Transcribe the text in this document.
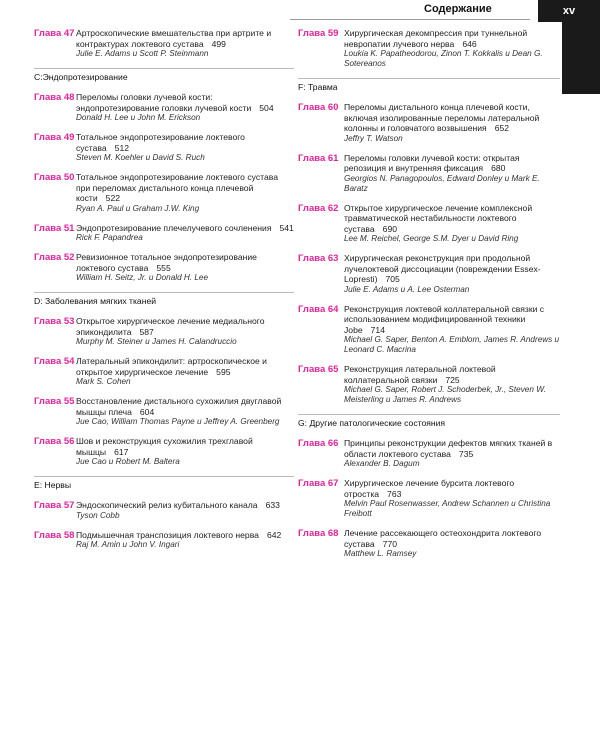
Содержание	xv
Глава 47 Артроскопические вмешательства при артрите и контрактурах локтевого сустава 499
Julie E. Adams и Scott P. Steinmann
C:Эндопротезирование
Глава 48 Переломы головки лучевой кости: эндопротезирование головки лучевой кости 504
Donald H. Lee и John M. Erickson
Глава 49 Тотальное эндопротезирование локтевого сустава 512
Steven M. Koehler и David S. Ruch
Глава 50 Тотальное эндопротезирование локтевого сустава при переломах дистального конца плечевой кости 522
Ryan A. Paul и Graham J.W. King
Глава 51 Эндопротезирование плечелучевого сочленения 541
Rick F. Papandrea
Глава 52 Ревизионное тотальное эндопротезирование локтевого сустава 555
William H. Seitz, Jr. и Donald H. Lee
D: Заболевания мягких тканей
Глава 53 Открытое хирургическое лечение медиального эпикондилита 587
Murphy M. Steiner и James H. Calandruccio
Глава 54 Латеральный эпикондилит: артроскопическое и открытое хирургическое лечение 595
Mark S. Cohen
Глава 55 Восстановление дистального сухожилия двуглавой мышцы плеча 604
Jue Cao, William Thomas Payne и Jeffrey A. Greenberg
Глава 56 Шов и реконструкция сухожилия трехглавой мышцы 617
Jue Cao и Robert M. Baltera
E: Нервы
Глава 57 Эндоскопический релиз кубитального канала 633
Tyson Cobb
Глава 58 Подмышечная транспозиция локтевого нерва 642
Raj M. Amin и John V. Ingari
Глава 59 Хирургическая декомпрессия при туннельной невропатии лучевого нерва 646
Loukia K. Papatheodorou, Zinon T. Kokkalis и Dean G. Sotereanos
F: Травма
Глава 60 Переломы дистального конца плечевой кости, включая изолированные переломы латеральной колонны и головчатого возвышения 652
Jeffry T. Watson
Глава 61 Переломы головки лучевой кости: открытая репозиция и внутренняя фиксация 680
Georgios N. Panagopoulos, Edward Donley и Mark E. Baratz
Глава 62 Открытое хирургическое лечение комплексной травматической нестабильности локтевого сустава 690
Lee M. Reichel, George S.M. Dyer и David Ring
Глава 63 Хирургическая реконструкция при продольной лучелоктевой диссоциации (повреждении Essex-Lopresti) 705
Julie E. Adams и A. Lee Osterman
Глава 64 Реконструкция локтевой коллатеральной связки с использованием модифицированной техники Jobe 714
Michael G. Saper, Benton A. Emblom, James R. Andrews и Leonard C. Macrina
Глава 65 Реконструкция латеральной локтевой коллатеральной связки 725
Michael G. Saper, Robert J. Schoderbek, Jr., Steven W. Meisterling и James R. Andrews
G: Другие патологические состояния
Глава 66 Принципы реконструкции дефектов мягких тканей в области локтевого сустава 735
Alexander B. Dagum
Глава 67 Хирургическое лечение бурсита локтевого отростка 763
Melvin Paul Rosenwasser, Andrew Schannen и Christina Freibott
Глава 68 Лечение рассекающего остеохондрита локтевого сустава 770
Matthew L. Ramsey
